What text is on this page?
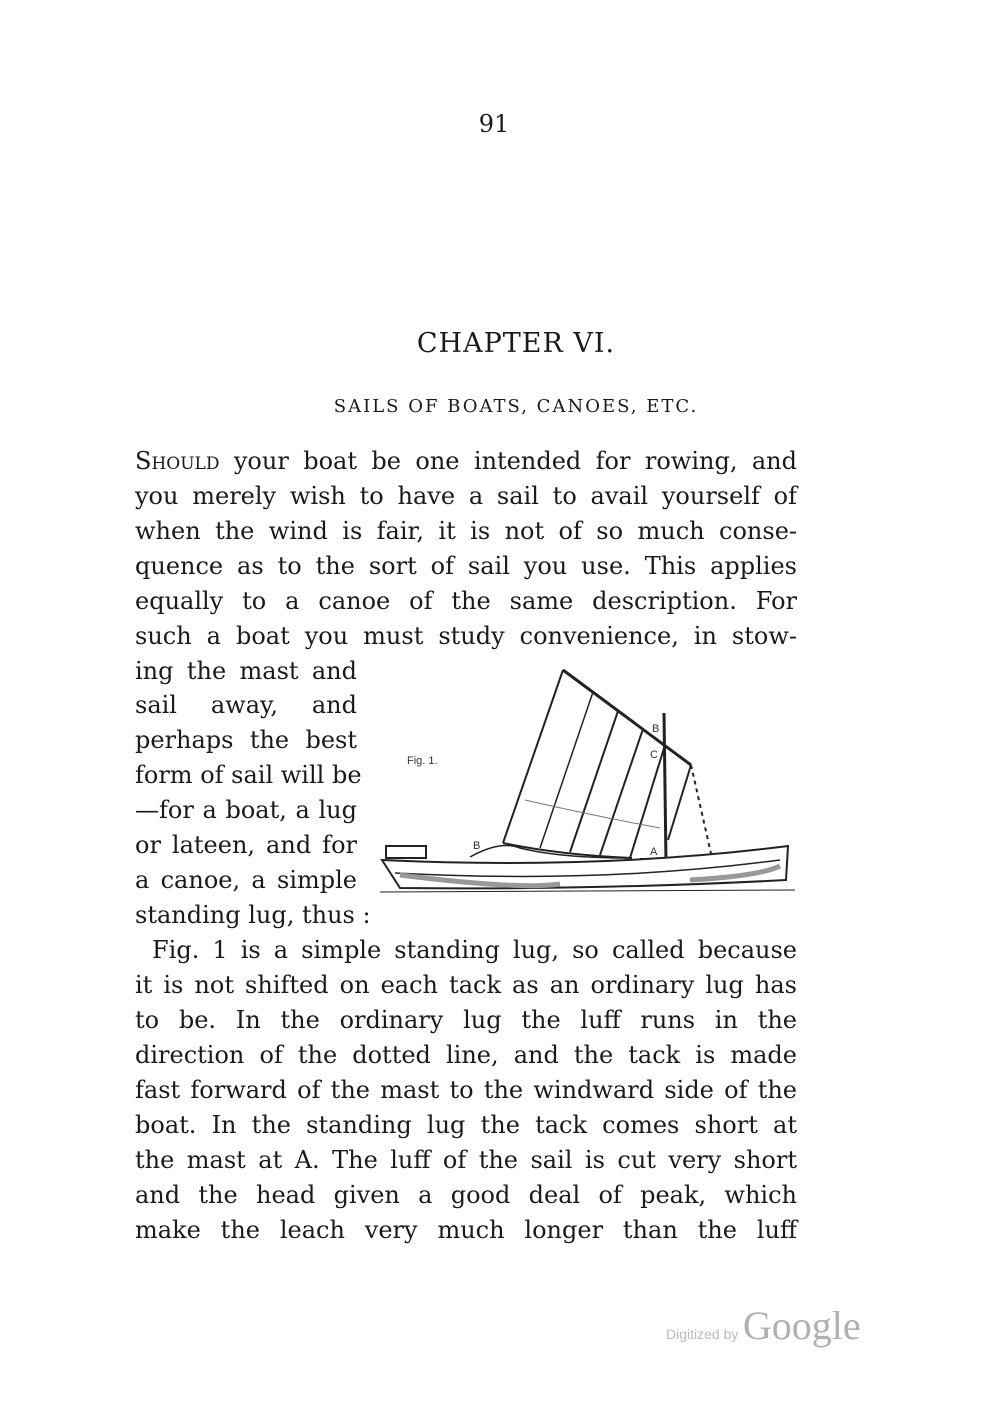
91
CHAPTER VI.
SAILS OF BOATS, CANOES, ETC.
Should your boat be one intended for rowing, and
you merely wish to have a sail to avail yourself of
when the wind is fair, it is not of so much conse-
quence as to the sort of sail you use. This applies
equally to a canoe of the same description. For
such a boat you must study convenience, in stow-
ing the mast and
sail away, and
perhaps the best
form of sail will be
—for a boat, a lug
or lateen, and for
a canoe, a simple
standing lug, thus :
Fig. 1.
B	A
C
B
Fig. 1 is a simple standing lug, so called because
it is not shifted on each tack as an ordinary lug has
to be. In the ordinary lug the luff runs in the
direction of the dotted line, and the tack is made
fast forward of the mast to the windward side of the
boat. In the standing lug the tack comes short at
the mast at A. The luff of the sail is cut very short
and the head given a good deal of peak, which
make the leach very much longer than the luff
Digitized by Google
